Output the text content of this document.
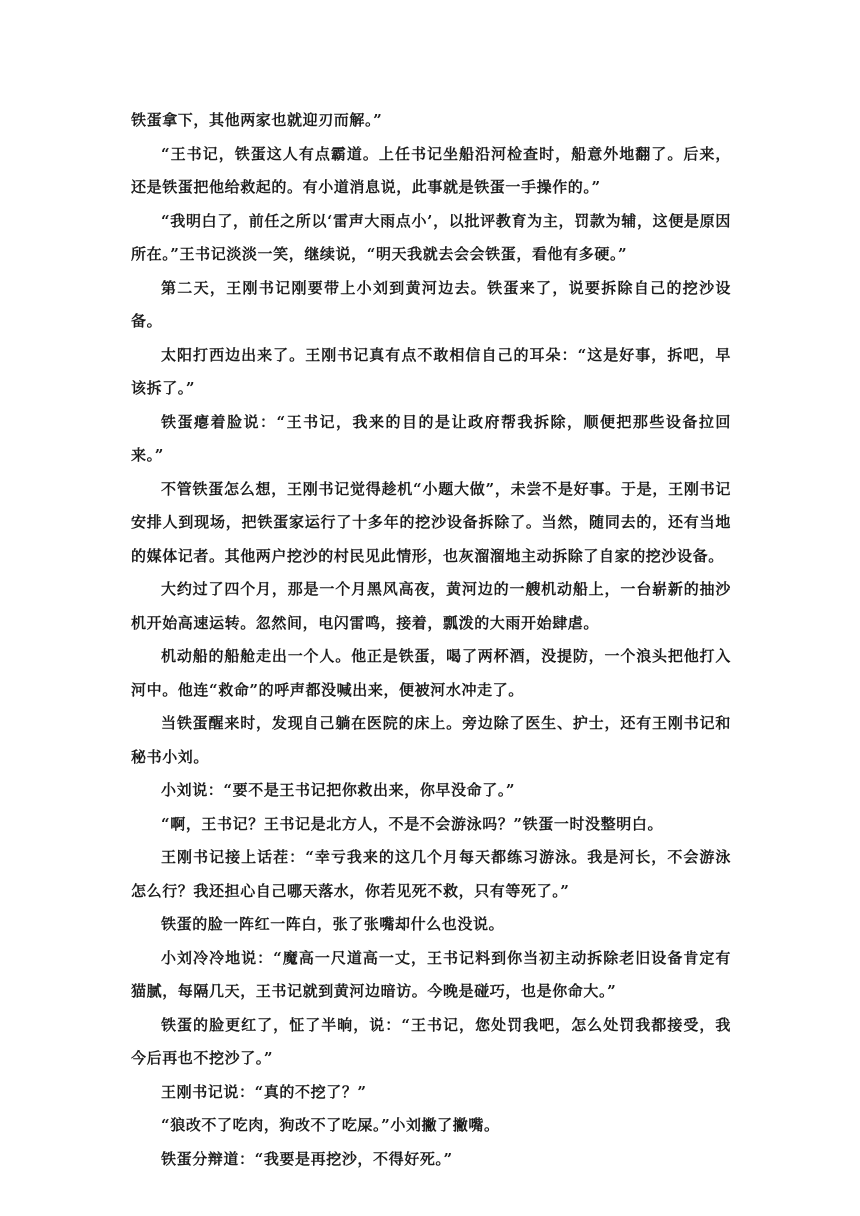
铁蛋拿下，其他两家也就迎刃而解。”

“王书记，铁蛋这人有点霸道。上任书记坐船沿河检查时，船意外地翻了。后来，还是铁蛋把他给救起的。有小道消息说，此事就是铁蛋一手操作的。”

“我明白了，前任之所以‘雷声大雨点小’，以批评教育为主，罚款为辅，这便是原因所在。”王书记淡淡一笑，继续说，“明天我就去会会铁蛋，看他有多硬。”

第二天，王刚书记刚要带上小刘到黄河边去。铁蛋来了，说要拆除自己的挖沙设备。

太阳打西边出来了。王刚书记真有点不敢相信自己的耳朵：“这是好事，拆吧，早该拆了。”

铁蛋瘪着脸说：“王书记，我来的目的是让政府帮我拆除，顺便把那些设备拉回来。”

不管铁蛋怎么想，王刚书记觉得趁机“小题大做”，未尝不是好事。于是，王刚书记安排人到现场，把铁蛋家运行了十多年的挖沙设备拆除了。当然，随同去的，还有当地的媒体记者。其他两户挖沙的村民见此情形，也灰溜溜地主动拆除了自家的挖沙设备。

大约过了四个月，那是一个月黑风高夜，黄河边的一艘机动船上，一台崭新的抽沙机开始高速运转。忽然间，电闪雷鸣，接着，瓢泼的大雨开始肆虐。

机动船的船舱走出一个人。他正是铁蛋，喝了两杯酒，没提防，一个浪头把他打入河中。他连“救命”的呼声都没喊出来，便被河水冲走了。

当铁蛋醒来时，发现自己躺在医院的床上。旁边除了医生、护士，还有王刚书记和秘书小刘。

小刘说：“要不是王书记把你救出来，你早没命了。”

“啊，王书记？王书记是北方人，不是不会游泳吗？”铁蛋一时没整明白。

王刚书记接上话茬：“幸亏我来的这几个月每天都练习游泳。我是河长，不会游泳怎么行？我还担心自己哪天落水，你若见死不救，只有等死了。”

铁蛋的脸一阵红一阵白，张了张嘴却什么也没说。

小刘冷冷地说：“魔高一尺道高一丈，王书记料到你当初主动拆除老旧设备肯定有猫腻，每隔几天，王书记就到黄河边暗访。今晚是碰巧，也是你命大。”

铁蛋的脸更红了，怔了半晌，说：“王书记，您处罚我吧，怎么处罚我都接受，我今后再也不挖沙了。”

王刚书记说：“真的不挖了？”

“狼改不了吃肉，狗改不了吃屎。”小刘撇了撇嘴。

铁蛋分辩道：“我要是再挖沙，不得好死。”
